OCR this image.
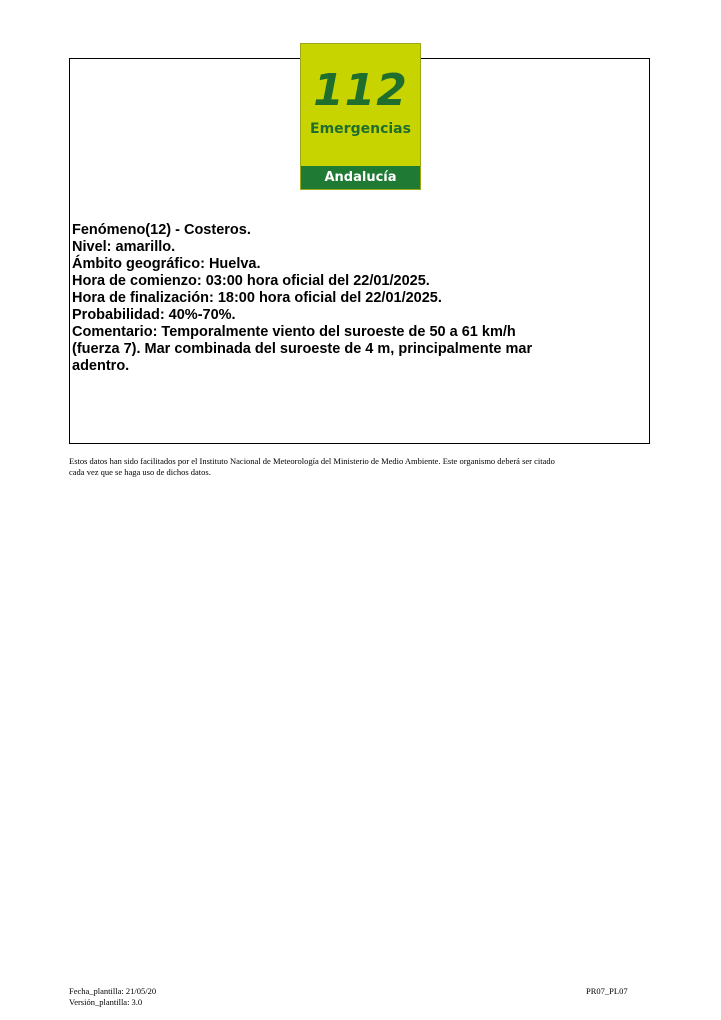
Fenómeno(12) - Costeros.
Nivel: amarillo.
Ámbito geográfico: Huelva.
Hora de comienzo: 03:00 hora oficial del 22/01/2025.
Hora de finalización: 18:00 hora oficial del 22/01/2025.
Probabilidad: 40%-70%.
Comentario: Temporalmente viento del suroeste de 50 a 61 km/h
(fuerza 7). Mar combinada del suroeste de 4 m, principalmente mar
adentro.
112
Emergencias
Andalucía
Estos datos han sido facilitados por el Instituto Nacional de Meteorología del Ministerio de Medio Ambiente. Este organismo deberá ser citado
cada vez que se haga uso de dichos datos.
Fecha_plantilla: 21/05/20
Versión_plantilla: 3.0
PR07_PL07
